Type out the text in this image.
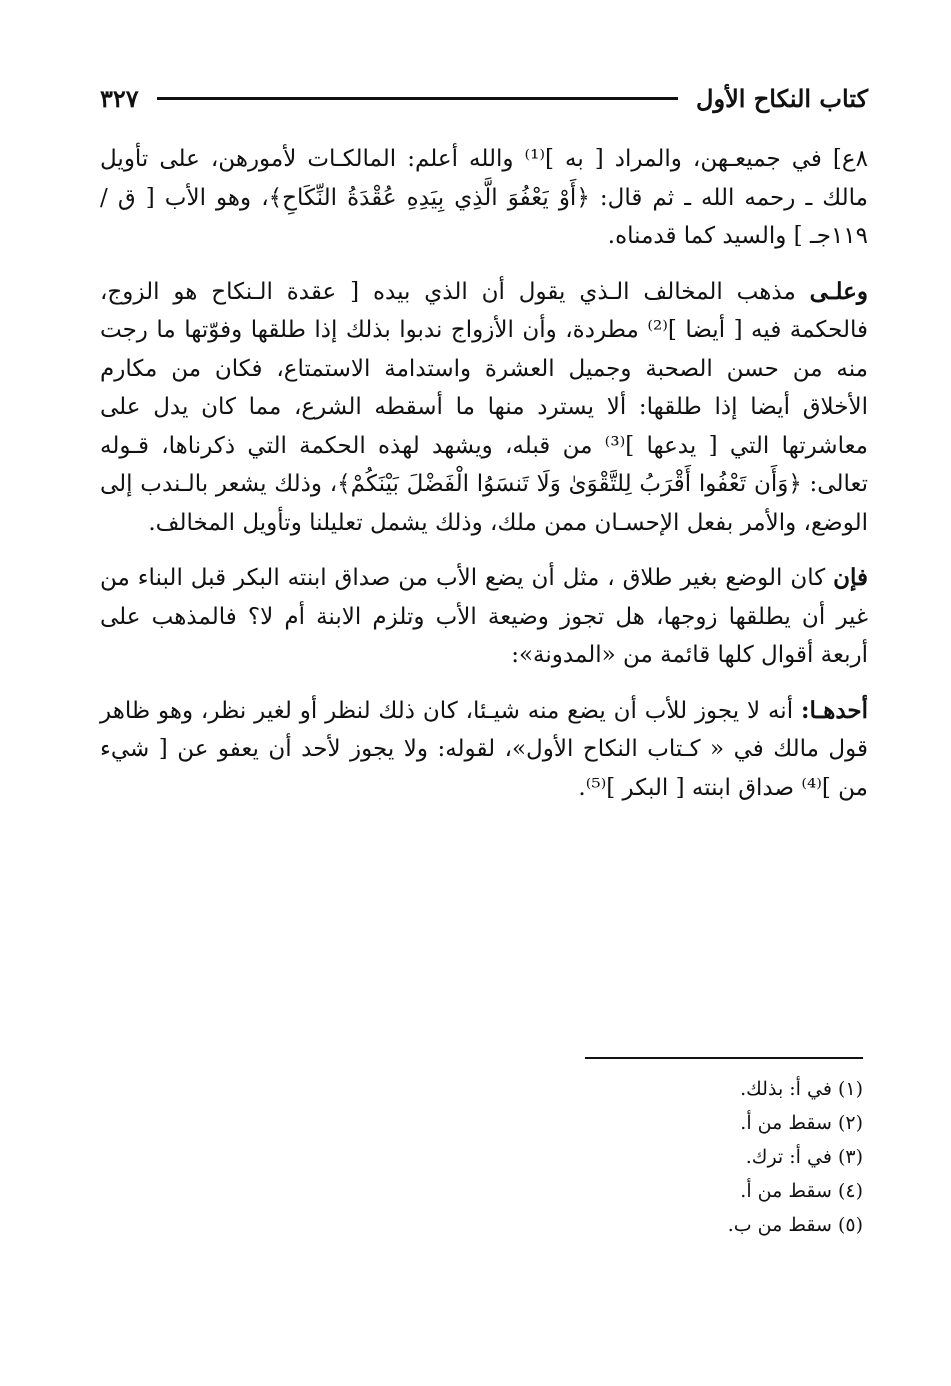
كتاب النكاح الأول
٣٢٧

٨ع] في جميعـهن، والمراد [ به ]⁽¹⁾ والله أعلم: المالكـات لأمورهن، على تأويل مالك ـ رحمه الله ـ ثم قال: ﴿أَوْ يَعْفُوَ الَّذِي بِيَدِهِ عُقْدَةُ النِّكَاحِ﴾، وهو الأب [ ق / ١١٩جـ ] والسيد كما قدمناه.

وعلـى مذهب المخالف الـذي يقول أن الذي بيده [ عقدة الـنكاح هو الزوج، فالحكمة فيه [ أيضا ]⁽²⁾ مطردة، وأن الأزواج ندبوا بذلك إذا طلقها وفوّتها ما رجت منه من حسن الصحبة وجميل العشرة واستدامة الاستمتاع، فكان من مكارم الأخلاق أيضا إذا طلقها: ألا يسترد منها ما أسقطه الشرع، مما كان يدل على معاشرتها التي [ يدعها ]⁽³⁾ من قبله، ويشهد لهذه الحكمة التي ذكرناها، قـوله تعالى: ﴿وَأَن تَعْفُوا أَقْرَبُ لِلتَّقْوَىٰ وَلَا تَنسَوُا الْفَضْلَ بَيْنَكُمْ﴾، وذلك يشعر بالـندب إلى الوضع، والأمر بفعل الإحسـان ممن ملك، وذلك يشمل تعليلنا وتأويل المخالف.

فإن كان الوضع بغير طلاق ، مثل أن يضع الأب من صداق ابنته البكر قبل البناء من غير أن يطلقها زوجها، هل تجوز وضيعة الأب وتلزم الابنة أم لا؟ فالمذهب على أربعة أقوال كلها قائمة من «المدونة»:

أحدهـا: أنه لا يجوز للأب أن يضع منه شيـئا، كان ذلك لنظر أو لغير نظر، وهو ظاهر قول مالك في « كـتاب النكاح الأول»، لقوله: ولا يجوز لأحد أن يعفو عن [ شيء من ]⁽⁴⁾ صداق ابنته [ البكر ]⁽⁵⁾.

(١) في أ: بذلك.
(٢) سقط من أ.
(٣) في أ: ترك.
(٤) سقط من أ.
(٥) سقط من ب.
